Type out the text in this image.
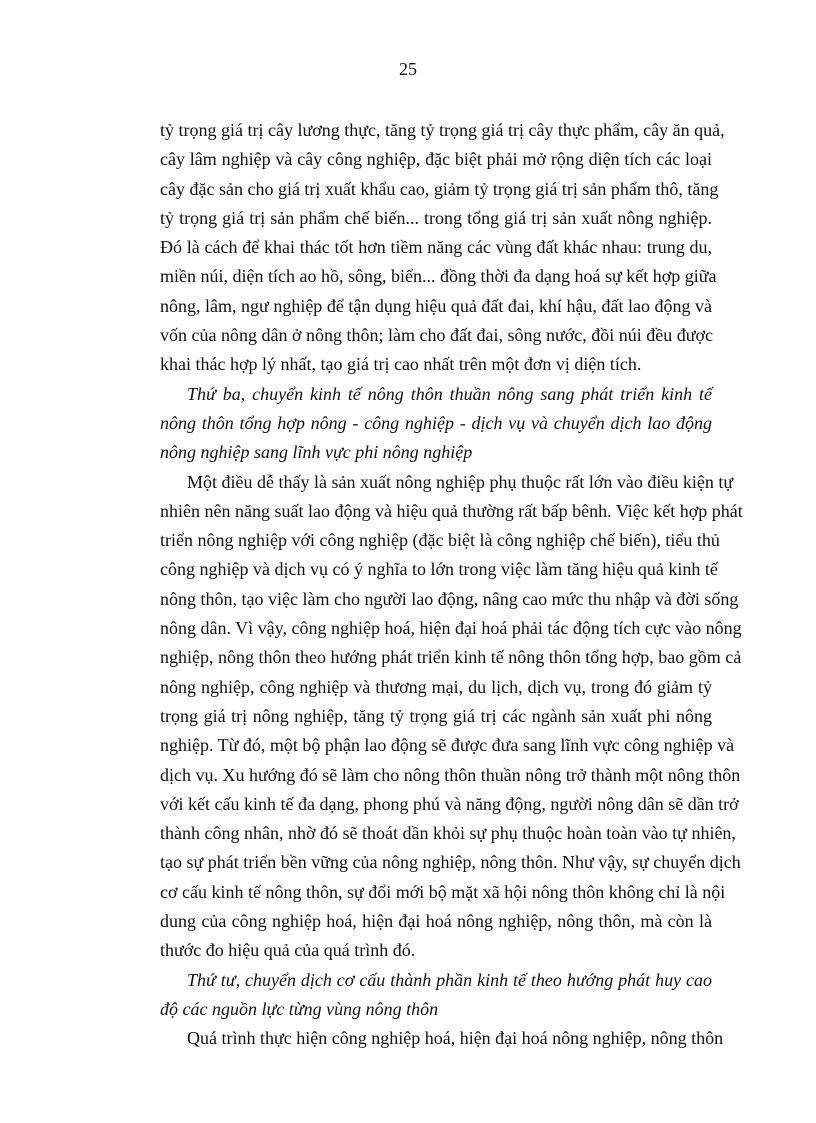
25
tỷ trọng giá trị cây lương thực, tăng tỷ trọng giá trị cây thực phẩm, cây ăn quả,
cây lâm nghiệp và cây công nghiệp, đặc biệt phải mở rộng diện tích các loại
cây đặc sản cho giá trị xuất khẩu cao, giảm tỷ trọng giá trị sản phẩm thô, tăng
tỷ trọng giá trị sản phẩm chế biến... trong tổng giá trị sản xuất nông nghiệp.
Đó là cách để khai thác tốt hơn tiềm năng các vùng đất khác nhau: trung du,
miền núi, diện tích ao hồ, sông, biển... đồng thời đa dạng hoá sự kết hợp giữa
nông, lâm, ngư nghiệp để tận dụng hiệu quả đất đai, khí hậu, đất lao động và
vốn của nông dân ở nông thôn; làm cho đất đai, sông nước, đồi núi đều được
khai thác hợp lý nhất, tạo giá trị cao nhất trên một đơn vị diện tích.
Thứ ba, chuyển kinh tế nông thôn thuần nông sang phát triển kinh tế
nông thôn tổng hợp nông - công nghiệp - dịch vụ và chuyển dịch lao động
nông nghiệp sang lĩnh vực phi nông nghiệp
Một điều dễ thấy là sản xuất nông nghiệp phụ thuộc rất lớn vào điều kiện tự
nhiên nên năng suất lao động và hiệu quả thường rất bấp bênh. Việc kết hợp phát
triển nông nghiệp với công nghiệp (đặc biệt là công nghiệp chế biến), tiểu thủ
công nghiệp và dịch vụ có ý nghĩa to lớn trong việc làm tăng hiệu quả kinh tế
nông thôn, tạo việc làm cho người lao động, nâng cao mức thu nhập và đời sống
nông dân. Vì vậy, công nghiệp hoá, hiện đại hoá phải tác động tích cực vào nông
nghiệp, nông thôn theo hướng phát triển kinh tế nông thôn tổng hợp, bao gồm cả
nông nghiệp, công nghiệp và thương mại, du lịch, dịch vụ, trong đó giảm tỷ
trọng giá trị nông nghiệp, tăng tỷ trọng giá trị các ngành sản xuất phi nông
nghiệp. Từ đó, một bộ phận lao động sẽ được đưa sang lĩnh vực công nghiệp và
dịch vụ. Xu hướng đó sẽ làm cho nông thôn thuần nông trở thành một nông thôn
với kết cấu kinh tế đa dạng, phong phú và năng động, người nông dân sẽ dần trở
thành công nhân, nhờ đó sẽ thoát dần khỏi sự phụ thuộc hoàn toàn vào tự nhiên,
tạo sự phát triển bền vững của nông nghiệp, nông thôn. Như vậy, sự chuyển dịch
cơ cấu kinh tế nông thôn, sự đổi mới bộ mặt xã hội nông thôn không chỉ là nội
dung của công nghiệp hoá, hiện đại hoá nông nghiệp, nông thôn, mà còn là
thước đo hiệu quả của quá trình đó.
Thứ tư, chuyển dịch cơ cấu thành phần kinh tế theo hướng phát huy cao
độ các nguồn lực từng vùng nông thôn
Quá trình thực hiện công nghiệp hoá, hiện đại hoá nông nghiệp, nông thôn
